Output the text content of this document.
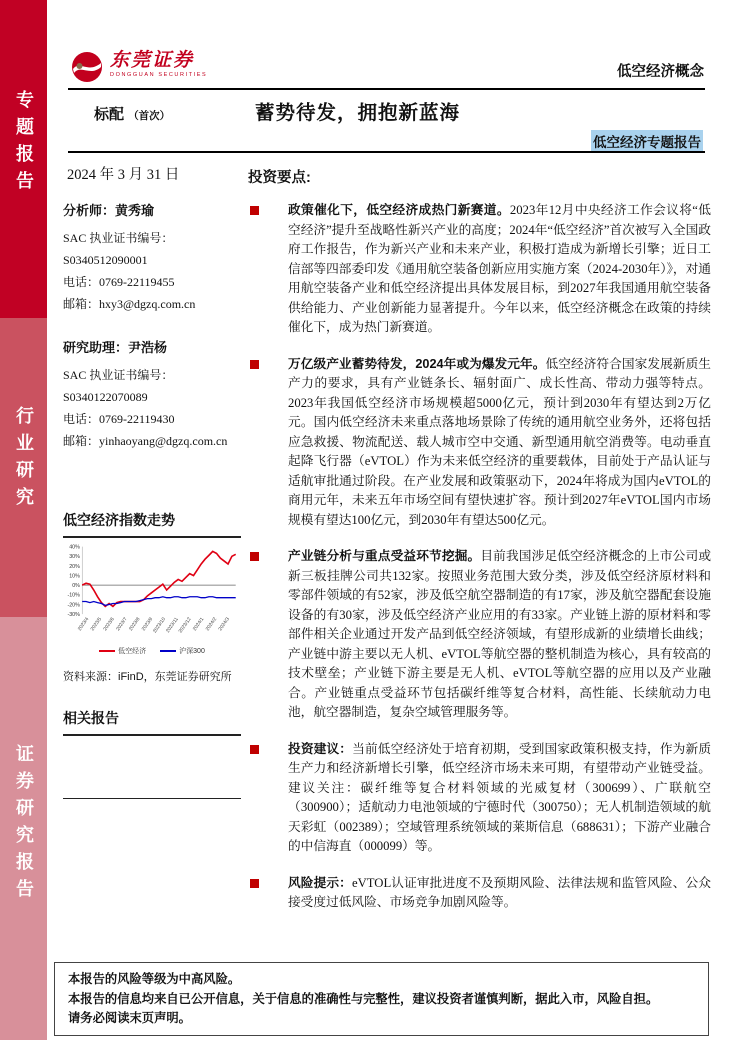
专题报告
行业研究
证券研究报告
东莞证券
DONGGUAN SECURITIES	低空经济概念
标配 （首次）	蓄势待发，拥抱新蓝海
低空经济专题报告
2024 年 3 月 31 日
分析师：黄秀瑜
SAC 执业证书编号：
S0340512090001
电话：0769-22119455
邮箱：hxy3@dgzq.com.cn
研究助理：尹浩杨
SAC 执业证书编号：
S0340122070089
电话：0769-22119430
邮箱：yinhaoyang@dgzq.com.cn
低空经济指数走势
40%
30%
20%
10%
0%
-10%
-20%
-30%
2023/4 2023/5 2023/6 2023/7 2023/8 2023/9
2023/10
2023/11
2023/12 2024/1 2024/2 2024/3
低空经济	沪深300
资料来源：iFinD，东莞证券研究所
相关报告
投资要点:

政策催化下，低空经济成热门新赛道。2023年12月中央经济工作会议将“低空经济”提升至战略性新兴产业的高度；2024年“低空经济”首次被写入全国政府工作报告，作为新兴产业和未来产业，积极打造成为新增长引擎；近日工信部等四部委印发《通用航空装备创新应用实施方案（2024-2030年）》，对通用航空装备产业和低空经济提出具体发展目标，到2027年我国通用航空装备供给能力、产业创新能力显著提升。今年以来，低空经济概念在政策的持续催化下，成为热门新赛道。

万亿级产业蓄势待发，2024年或为爆发元年。低空经济符合国家发展新质生产力的要求，具有产业链条长、辐射面广、成长性高、带动力强等特点。2023年我国低空经济市场规模超5000亿元，预计到2030年有望达到2万亿元。国内低空经济未来重点落地场景除了传统的通用航空业务外，还将包括应急救援、物流配送、载人城市空中交通、新型通用航空消费等。电动垂直起降飞行器（eVTOL）作为未来低空经济的重要载体，目前处于产品认证与适航审批通过阶段。在产业发展和政策驱动下，2024年将成为国内eVTOL的商用元年，未来五年市场空间有望快速扩容。预计到2027年eVTOL国内市场规模有望达100亿元，到2030年有望达500亿元。

产业链分析与重点受益环节挖掘。目前我国涉足低空经济概念的上市公司或新三板挂牌公司共132家。按照业务范围大致分类，涉及低空经济原材料和零部件领域的有52家，涉及低空航空器制造的有17家，涉及航空器配套设施设备的有30家，涉及低空经济产业应用的有33家。产业链上游的原材料和零部件相关企业通过开发产品到低空经济领域，有望形成新的业绩增长曲线；产业链中游主要以无人机、eVTOL等航空器的整机制造为核心，具有较高的技术壁垒；产业链下游主要是无人机、eVTOL等航空器的应用以及产业融合。产业链重点受益环节包括碳纤维等复合材料，高性能、长续航动力电池，航空器制造，复杂空域管理服务等。

投资建议：当前低空经济处于培育初期，受到国家政策积极支持，作为新质生产力和经济新增长引擎，低空经济市场未来可期，有望带动产业链受益。建议关注：碳纤维等复合材料领域的光威复材（300699）、广联航空（300900）；适航动力电池领域的宁德时代（300750）；无人机制造领域的航天彩虹（002389）；空域管理系统领域的莱斯信息（688631）；下游产业融合的中信海直（000099）等。

风险提示：eVTOL认证审批进度不及预期风险、法律法规和监管风险、公众接受度过低风险、市场竞争加剧风险等。

本报告的风险等级为中高风险。
本报告的信息均来自已公开信息，关于信息的准确性与完整性，建议投资者谨慎判断，据此入市，风险自担。
请务必阅读末页声明。
